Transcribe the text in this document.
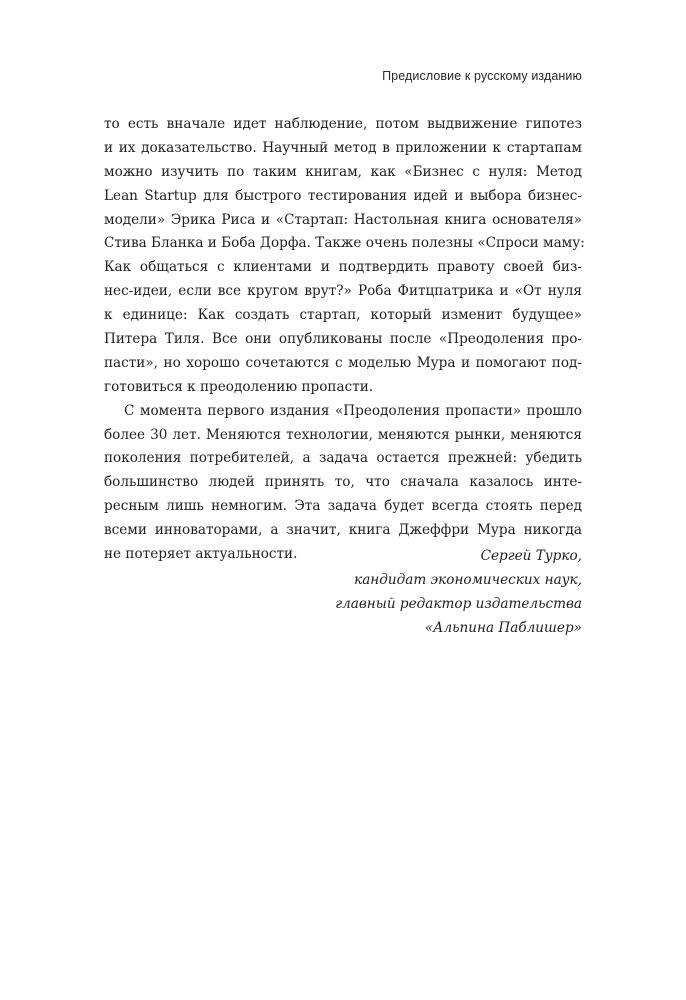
Предисловие к русскому изданию
то есть вначале идет наблюдение, потом выдвижение гипотез
и их доказательство. Научный метод в приложении к стартапам
можно изучить по таким книгам, как «Бизнес с нуля: Метод
Lean Startup для быстрого тестирования идей и выбора бизнес-
модели» Эрика Риса и «Стартап: Настольная книга основателя»
Стива Бланка и Боба Дорфа. Также очень полезны «Спроси маму:
Как общаться с клиентами и подтвердить правоту своей биз-
нес-идеи, если все кругом врут?» Роба Фитцпатрика и «От нуля
к единице: Как создать стартап, который изменит будущее»
Питера Тиля. Все они опубликованы после «Преодоления про-
пасти», но хорошо сочетаются с моделью Мура и помогают под-
готовиться к преодолению пропасти.
С момента первого издания «Преодоления пропасти» прошло
более 30 лет. Меняются технологии, меняются рынки, меняются
поколения потребителей, а задача остается прежней: убедить
большинство людей принять то, что сначала казалось инте-
ресным лишь немногим. Эта задача будет всегда стоять перед
всеми инноваторами, а значит, книга Джеффри Мура никогда
не потеряет актуальности.	Сергей Турко,
кандидат экономических наук,
главный редактор издательства
«Альпина Паблишер»
